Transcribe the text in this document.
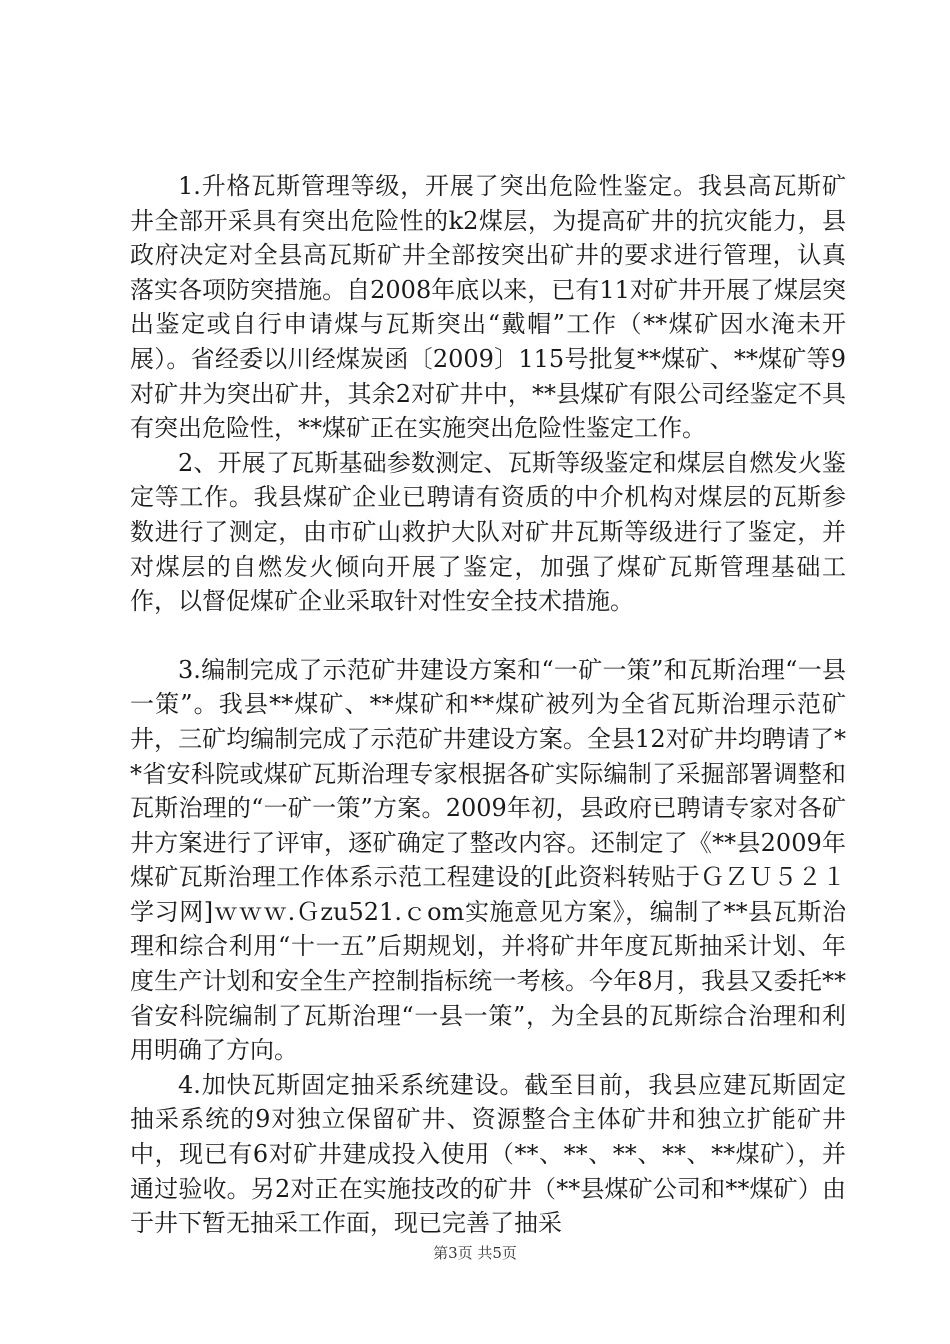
1.升格瓦斯管理等级，开展了突出危险性鉴定。我县高瓦斯矿井全部开采具有突出危险性的k2煤层，为提高矿井的抗灾能力，县政府决定对全县高瓦斯矿井全部按突出矿井的要求进行管理，认真落实各项防突措施。自2008年底以来，已有11对矿井开展了煤层突出鉴定或自行申请煤与瓦斯突出“戴帽”工作（**煤矿因水淹未开展）。省经委以川经煤炭函〔2009〕115号批复**煤矿、**煤矿等9对矿井为突出矿井，其余2对矿井中，**县煤矿有限公司经鉴定不具有突出危险性，**煤矿正在实施突出危险性鉴定工作。

2、开展了瓦斯基础参数测定、瓦斯等级鉴定和煤层自燃发火鉴定等工作。我县煤矿企业已聘请有资质的中介机构对煤层的瓦斯参数进行了测定，由市矿山救护大队对矿井瓦斯等级进行了鉴定，并对煤层的自燃发火倾向开展了鉴定，加强了煤矿瓦斯管理基础工作，以督促煤矿企业采取针对性安全技术措施。

3.编制完成了示范矿井建设方案和“一矿一策”和瓦斯治理“一县一策”。我县**煤矿、**煤矿和**煤矿被列为全省瓦斯治理示范矿井，三矿均编制完成了示范矿井建设方案。全县12对矿井均聘请了**省安科院或煤矿瓦斯治理专家根据各矿实际编制了采掘部署调整和瓦斯治理的“一矿一策”方案。2009年初，县政府已聘请专家对各矿井方案进行了评审，逐矿确定了整改内容。还制定了《**县2009年煤矿瓦斯治理工作体系示范工程建设的[此资料转贴于ＧＺＵ５２１学习网]ｗｗｗ.Ｇzu521.ｃom实施意见方案》，编制了**县瓦斯治理和综合利用“十一五”后期规划，并将矿井年度瓦斯抽采计划、年度生产计划和安全生产控制指标统一考核。今年8月，我县又委托**省安科院编制了瓦斯治理“一县一策”，为全县的瓦斯综合治理和利用明确了方向。

4.加快瓦斯固定抽采系统建设。截至目前，我县应建瓦斯固定抽采系统的9对独立保留矿井、资源整合主体矿井和独立扩能矿井中，现已有6对矿井建成投入使用（**、**、**、**、**煤矿），并通过验收。另2对正在实施技改的矿井（**县煤矿公司和**煤矿）由于井下暂无抽采工作面，现已完善了抽采

第3页 共5页
